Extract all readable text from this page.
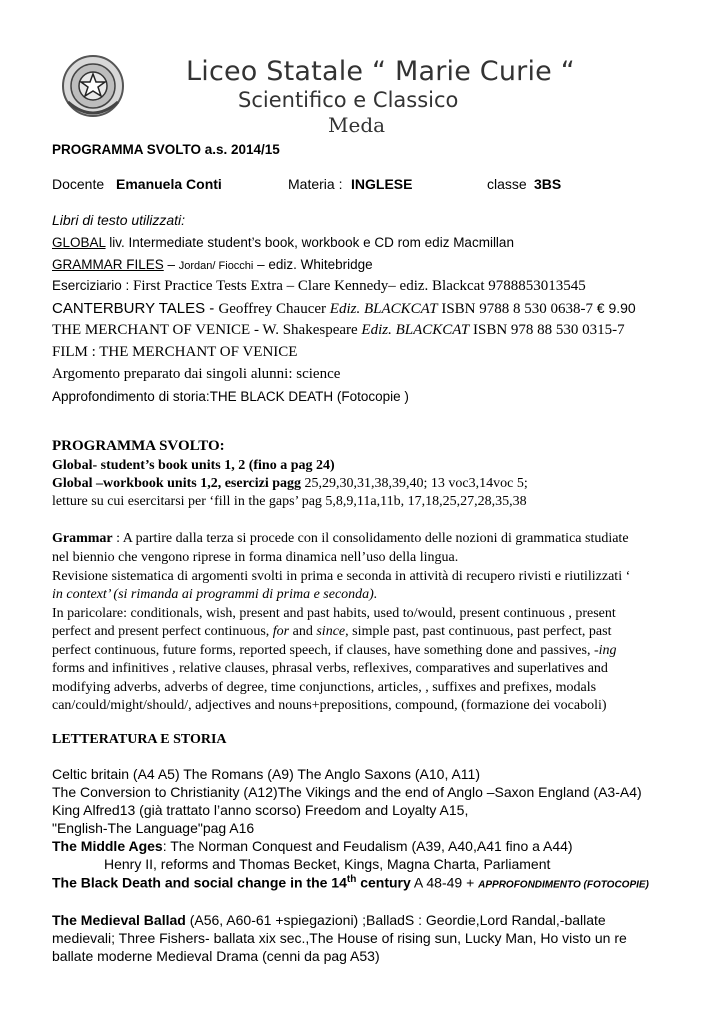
Liceo Statale “ Marie Curie “
Scientifico e Classico
Meda
PROGRAMMA SVOLTO a.s. 2014/15
Docente Emanuela Conti	Materia : INGLESE	classe 3BS
Libri di testo utilizzati:
GLOBAL liv. Intermediate student’s book, workbook e CD rom ediz Macmillan
GRAMMAR FILES – Jordan/ Fiocchi – ediz. Whitebridge
Eserciziario : First Practice Tests Extra – Clare Kennedy– ediz. Blackcat 9788853013545
CANTERBURY TALES - Geoffrey Chaucer Ediz. BLACKCAT ISBN 9788 8 530 0638-7 € 9.90
THE MERCHANT OF VENICE - W. Shakespeare Ediz. BLACKCAT ISBN 978 88 530 0315-7
FILM : THE MERCHANT OF VENICE
Argomento preparato dai singoli alunni: science
Approfondimento di storia:THE BLACK DEATH (Fotocopie )
PROGRAMMA SVOLTO:
Global- student’s book units 1, 2 (fino a pag 24)
Global –workbook units 1,2, esercizi pagg 25,29,30,31,38,39,40; 13 voc3,14voc 5;
letture su cui esercitarsi per ‘fill in the gaps’ pag 5,8,9,11a,11b, 17,18,25,27,28,35,38
Grammar : A partire dalla terza si procede con il consolidamento delle nozioni di grammatica studiate
nel biennio che vengono riprese in forma dinamica nell’uso della lingua.
Revisione sistematica di argomenti svolti in prima e seconda in attività di recupero rivisti e riutilizzati ‘
in context’ (si rimanda ai programmi di prima e seconda).
In paricolare: conditionals, wish, present and past habits, used to/would, present continuous , present
perfect and present perfect continuous, for and since, simple past, past continuous, past perfect, past
perfect continuous, future forms, reported speech, if clauses, have something done and passives, -ing
forms and infinitives , relative clauses, phrasal verbs, reflexives, comparatives and superlatives and
modifying adverbs, adverbs of degree, time conjunctions, articles, , suffixes and prefixes, modals
can/could/might/should/, adjectives and nouns+prepositions, compound, (formazione dei vocaboli)
LETTERATURA E STORIA
Celtic britain (A4 A5) The Romans (A9) The Anglo Saxons (A10, A11)
The Conversion to Christianity (A12)The Vikings and the end of Anglo –Saxon England (A3-A4)
King Alfred13 (già trattato l’anno scorso) Freedom and Loyalty A15,
"English-The Language"pag A16
The Middle Ages: The Norman Conquest and Feudalism (A39, A40,A41 fino a A44)
Henry II, reforms and Thomas Becket, Kings, Magna Charta, Parliament
The Black Death and social change in the 14th century A 48-49 + APPROFONDIMENTO (FOTOCOPIE)
The Medieval Ballad (A56, A60-61 +spiegazioni) ;BalladS : Geordie,Lord Randal,-ballate
medievali; Three Fishers- ballata xix sec.,The House of rising sun, Lucky Man, Ho visto un re
ballate moderne Medieval Drama (cenni da pag A53)
